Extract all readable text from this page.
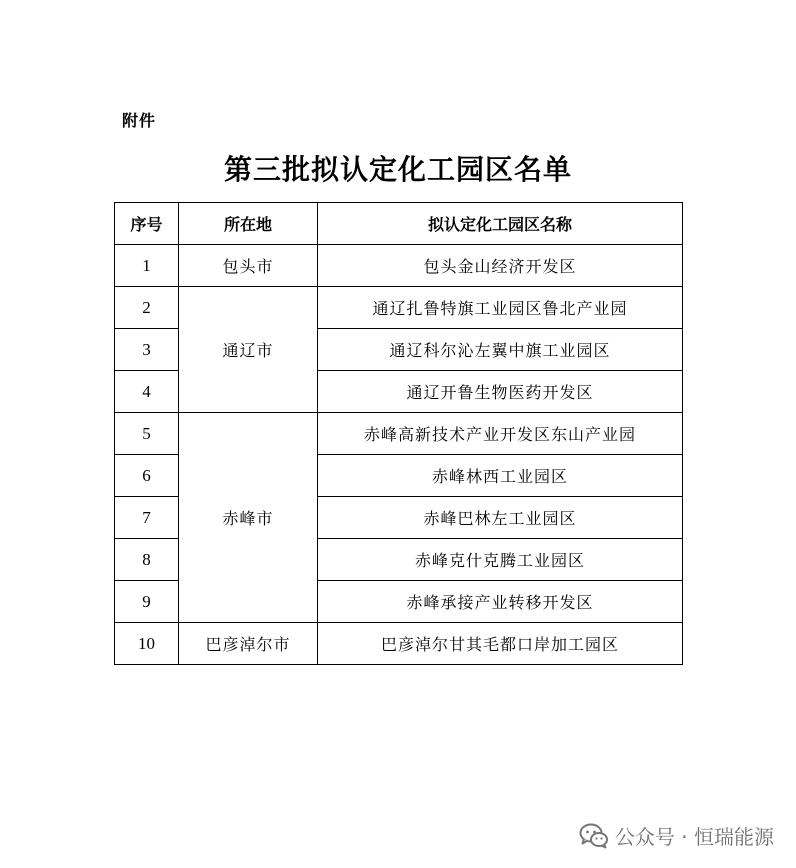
附件
第三批拟认定化工园区名单
序号	所在地	拟认定化工园区名称
1	包头市	包头金山经济开发区
2	通辽市	通辽扎鲁特旗工业园区鲁北产业园
3		通辽科尔沁左翼中旗工业园区
4		通辽开鲁生物医药开发区
5	赤峰市	赤峰高新技术产业开发区东山产业园
6		赤峰林西工业园区
7		赤峰巴林左工业园区
8		赤峰克什克腾工业园区
9		赤峰承接产业转移开发区
10	巴彦淖尔市	巴彦淖尔甘其毛都口岸加工园区
公众号 · 恒瑞能源
